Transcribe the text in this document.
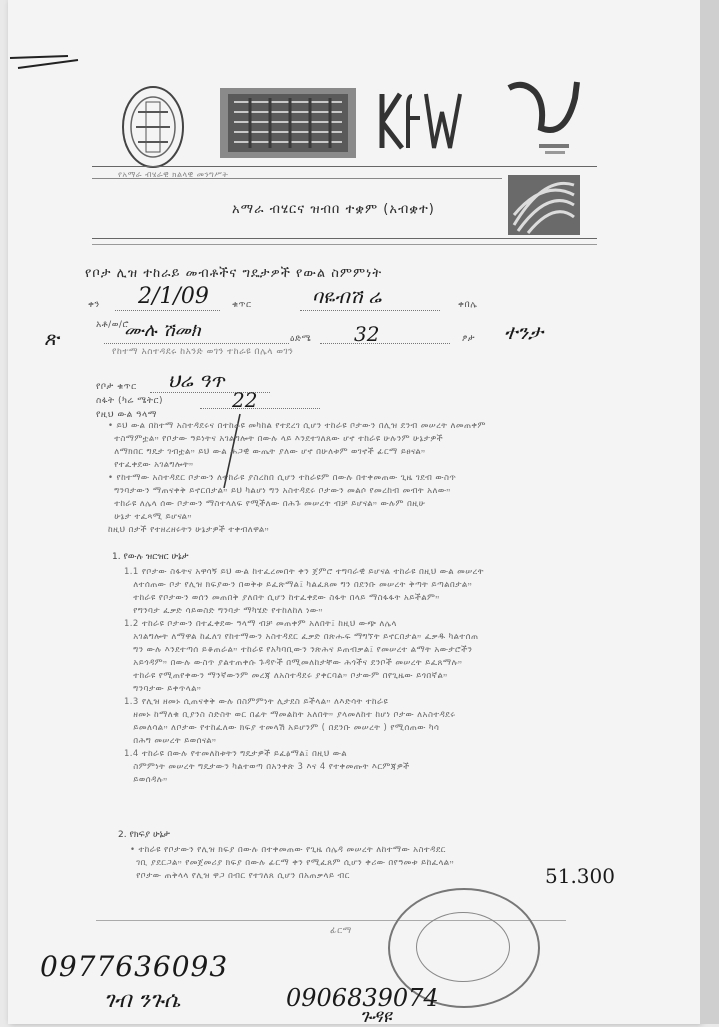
የአማራ ብሄራዊ ክልላዊ መንግሥት
አማራ ብሄርና ዝብበ ተቋም (አብቋተ)
የቦታ ሊዝ ተከራይ መብቶችና ግዴታዎች የውል ስምምነት
ቀን 2/1/09	ቁጥር	ባዬብሽ ሬ	ቀበሌ
አቶ/ወ/ሮ
ጽ	ሙሉ ሽመክ	ዕድሜ 32	ፆታ ተንታ
የከተማ አስተዳደሩ ከአንድ ወገን ተከራዩ በሌላ ወገን
የቦታ ቁጥር ህሬ ዓጥ
ስፋት (ካሬ ሜትር)	22
የዚህ ውል ዓላማ

• ይህ ውል በከተማ አስተዳደሩና በተከራዩ መካከል የተደረገ ሲሆን ተከራዩ ቦታውን በሊዝ ደንብ መሠረት ለመጠቀም

ተስማምቷል። የቦታው ዓይነትና አገልግሎት በውሉ ላይ እንደተገለጸው ሆኖ ተከራዩ ሁሉንም ሁኔታዎች

ለማክበር ግዴታ ገብቷል። ይህ ውል ሕጋዊ ውጤት ያለው ሆኖ በሁለቱም ወገኖች ፊርማ ይፀናል።

የተፈቀደው አገልግሎት።

• የከተማው አስተዳደር ቦታውን ለተከራዩ ያስረከበ ሲሆን ተከራዩም በውሉ በተቀመጠው ጊዜ ገደብ ውስጥ

ግንባታውን ማጠናቀቅ ይኖርበታል። ይህ ካልሆነ ግን አስተዳደሩ ቦታውን መልሶ የመረከብ መብት አለው።

ተከራዩ ለሌላ ሰው ቦታውን ማስተላለፍ የሚችለው በሕጉ መሠረት ብቻ ይሆናል። ውሉም በዚሁ

ሁኔታ ተፈጻሚ ይሆናል።

ከዚህ በታች የተዘረዘሩትን ሁኔታዎች ተቀብለዋል።

1. የውሉ ዝርዝር ሁኔታ

1.1 የቦታው ስፋትና አዋሳኝ ይህ ውል ከተፈረመበት ቀን ጀምሮ ተግባራዊ ይሆናል ተከራዩ በዚህ ውል መሠረት

ለተሰጠው ቦታ የሊዝ ክፍያውን በወቅቱ ይፈጽማል፤ ካልፈጸመ ግን በደንቡ መሠረት ቅጣት ይጣልበታል።

ተከራዩ የቦታውን ወሰን መጠበቅ ያለበት ሲሆን ከተፈቀደው ስፋት በላይ ማስፋፋት አይችልም።

የግንባታ ፈቃድ ሳይወስድ ግንባታ ማካሄድ የተከለከለ ነው።

1.2 ተከራዩ ቦታውን በተፈቀደው ዓላማ ብቻ መጠቀም አለበት፤ ከዚህ ውጭ ለሌላ

አገልግሎት ለማዋል ከፈለገ የከተማውን አስተዳደር ፈቃድ በጽሑፍ ማግኘት ይኖርበታል። ፈቃዱ ካልተሰጠ

ግን ውሉ እንደተጣሰ ይቆጠራል። ተከራዩ የአካባቢውን ንጽሕና ይጠብቃል፤ የመሠረተ ልማት አውታሮችን

አይጎዳም። በውሉ ውስጥ ያልተጠቀሱ ጉዳዮች በሚመለከታቸው ሕጎችና ደንቦች መሠረት ይፈጸማሉ።

ተከራዩ የሚጠየቀውን ማንኛውንም መረጃ ለአስተዳደሩ ያቀርባል። ቦታውም በየጊዜው ይጎበኛል።

ግንባታው ይቀጥላል።

1.3 የሊዝ ዘመኑ ሲጠናቀቅ ውሉ በስምምነት ሊታደስ ይችላል። ለእድሳት ተከራዩ

ዘመኑ ከማለቁ ቢያንስ ስድስት ወር በፊት ማመልከት አለበት። ያላመለከተ ከሆነ ቦታው ለአስተዳደሩ

ይመለሳል። ለቦታው የተከፈለው ክፍያ ተመላሽ አይሆንም ( በደንቡ መሠረት ) የሚሰጠው ካሳ

በሕግ መሠረት ይወሰናል።

1.4 ተከራዩ በውሉ የተመለከቱትን ግዴታዎች ይፈፅማል፤ በዚህ ውል

ስምምነት መሠረት ግዴታውን ካልተወጣ በአንቀጽ 3 እና 4 የተቀመጡት እርምጃዎች

ይወሰዳሉ።

2. የክፍያ ሁኔታ

• ተከራዩ የቦታውን የሊዝ ክፍያ በውሉ በተቀመጠው የጊዜ ሰሌዳ መሠረት ለከተማው አስተዳደር

ገቢ ያደርጋል። የመጀመሪያ ክፍያ በውሉ ፊርማ ቀን የሚፈጸም ሲሆን ቀሪው በየዓመቱ ይከፈላል።

የቦታው ጠቅላላ የሊዝ ዋጋ በብር የተገለጸ ሲሆን በአጠቃላይ ብር	51.300
ፊርማ
0977636093
ገብ ንጉሴ	0906839074
ጉዳዩ
